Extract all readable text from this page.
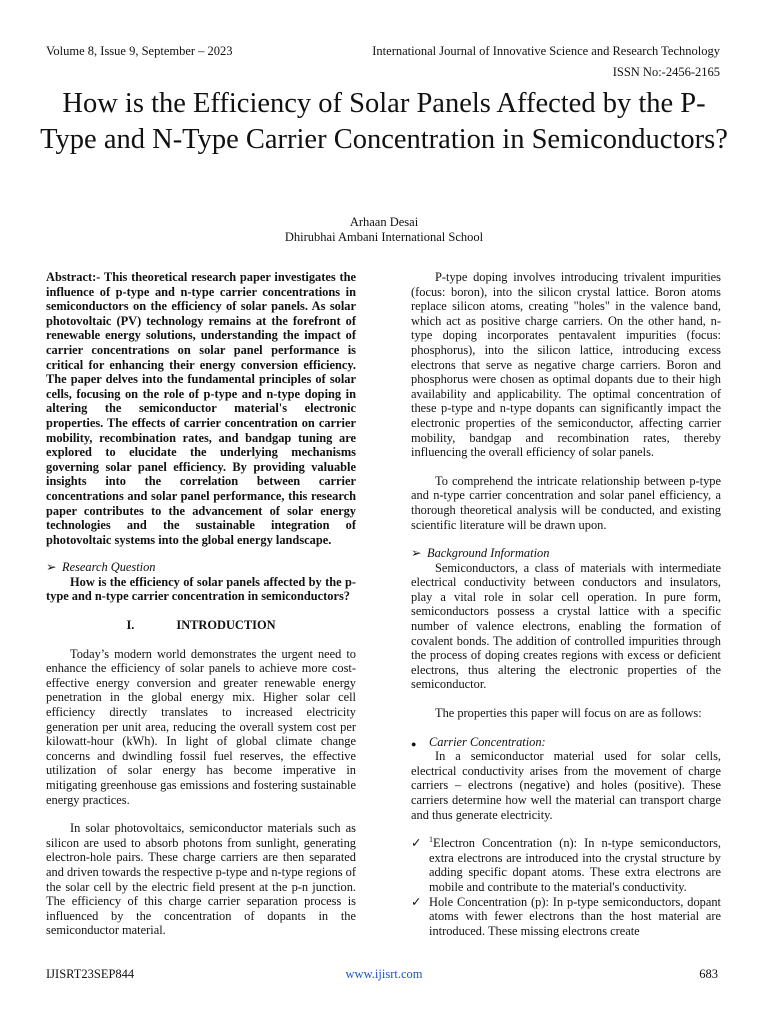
Volume 8, Issue 9, September – 2023	International Journal of Innovative Science and Research Technology
ISSN No:-2456-2165
How is the Efficiency of Solar Panels Affected by the P-Type and N-Type Carrier Concentration in Semiconductors?
Arhaan Desai
Dhirubhai Ambani International School

Abstract:- This theoretical research paper investigates the influence of p-type and n-type carrier concentrations in semiconductors on the efficiency of solar panels. As solar photovoltaic (PV) technology remains at the forefront of renewable energy solutions, understanding the impact of carrier concentrations on solar panel performance is critical for enhancing their energy conversion efficiency. The paper delves into the fundamental principles of solar cells, focusing on the role of p-type and n-type doping in altering the semiconductor material's electronic properties. The effects of carrier concentration on carrier mobility, recombination rates, and bandgap tuning are explored to elucidate the underlying mechanisms governing solar panel efficiency. By providing valuable insights into the correlation between carrier concentrations and solar panel performance, this research paper contributes to the advancement of solar energy technologies and the sustainable integration of photovoltaic systems into the global energy landscape.

➢ Research Question

How is the efficiency of solar panels affected by the p-type and n-type carrier concentration in semiconductors?

I.	INTRODUCTION

Today’s modern world demonstrates the urgent need to enhance the efficiency of solar panels to achieve more cost-effective energy conversion and greater renewable energy penetration in the global energy mix. Higher solar cell efficiency directly translates to increased electricity generation per unit area, reducing the overall system cost per kilowatt-hour (kWh). In light of global climate change concerns and dwindling fossil fuel reserves, the effective utilization of solar energy has become imperative in mitigating greenhouse gas emissions and fostering sustainable energy practices.

In solar photovoltaics, semiconductor materials such as silicon are used to absorb photons from sunlight, generating electron-hole pairs. These charge carriers are then separated and driven towards the respective p-type and n-type regions of the solar cell by the electric field present at the p-n junction. The efficiency of this charge carrier separation process is influenced by the concentration of dopants in the semiconductor material.

P-type doping involves introducing trivalent impurities (focus: boron), into the silicon crystal lattice. Boron atoms replace silicon atoms, creating "holes" in the valence band, which act as positive charge carriers. On the other hand, n-type doping incorporates pentavalent impurities (focus: phosphorus), into the silicon lattice, introducing excess electrons that serve as negative charge carriers. Boron and phosphorus were chosen as optimal dopants due to their high availability and applicability. The optimal concentration of these p-type and n-type dopants can significantly impact the electronic properties of the semiconductor, affecting carrier mobility, bandgap and recombination rates, thereby influencing the overall efficiency of solar panels.

To comprehend the intricate relationship between p-type and n-type carrier concentration and solar panel efficiency, a thorough theoretical analysis will be conducted, and existing scientific literature will be drawn upon.

➢ Background Information

Semiconductors, a class of materials with intermediate electrical conductivity between conductors and insulators, play a vital role in solar cell operation. In pure form, semiconductors possess a crystal lattice with a specific number of valence electrons, enabling the formation of covalent bonds. The addition of controlled impurities through the process of doping creates regions with excess or deficient electrons, thus altering the electronic properties of the semiconductor.

The properties this paper will focus on are as follows:

● Carrier Concentration:

In a semiconductor material used for solar cells, electrical conductivity arises from the movement of charge carriers – electrons (negative) and holes (positive). These carriers determine how well the material can transport charge and thus generate electricity.

✓ $^1$Electron Concentration (n): In n-type semiconductors, extra electrons are introduced into the crystal structure by adding specific dopant atoms. These extra electrons are mobile and contribute to the material's conductivity.
✓ Hole Concentration (p): In p-type semiconductors, dopant atoms with fewer electrons than the host material are introduced. These missing electrons create
IJISRT23SEP844	www.ijisrt.com	683
